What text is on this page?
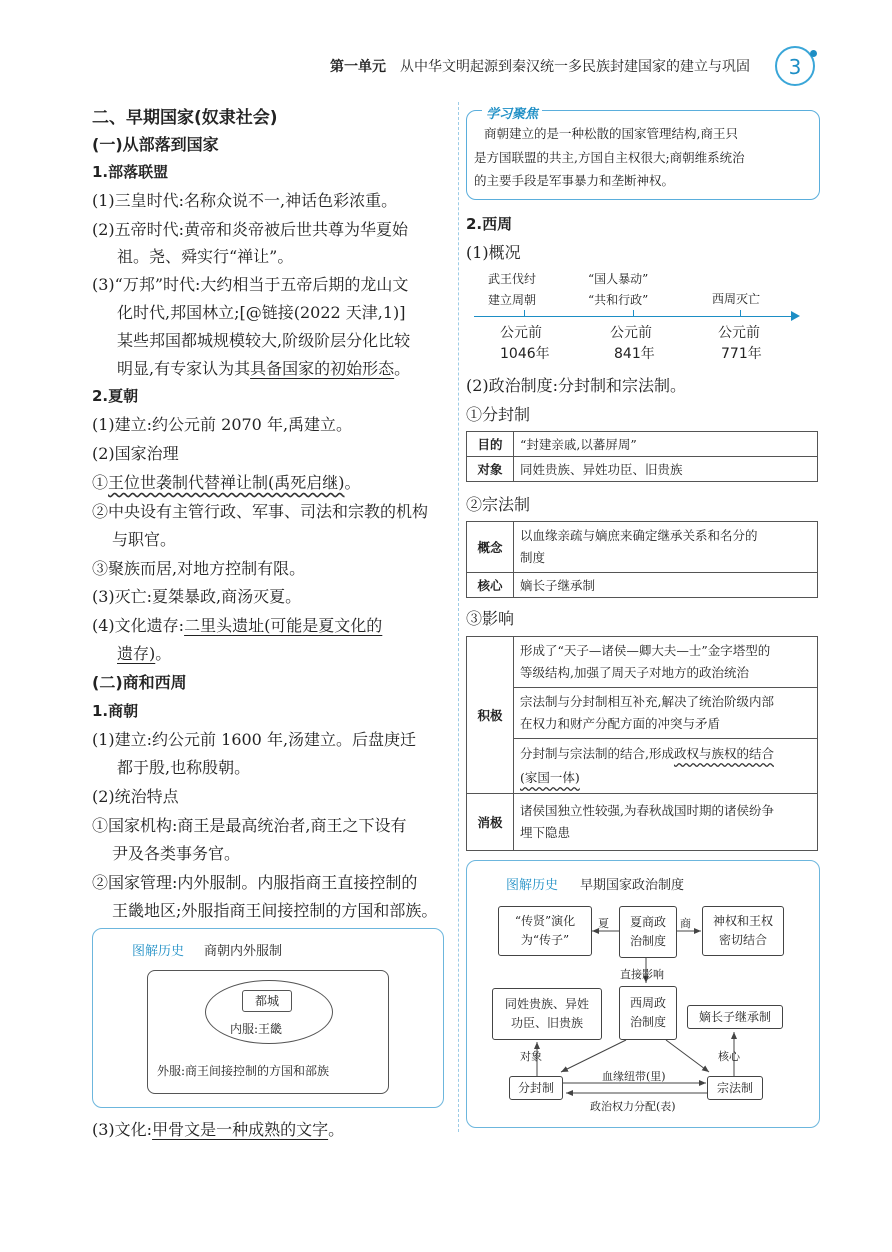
第一单元 从中华文明起源到秦汉统一多民族封建国家的建立与巩固	3
二、早期国家(奴隶社会)
(一)从部落到国家
1.部落联盟
(1)三皇时代:名称众说不一,神话色彩浓重。
(2)五帝时代:黄帝和炎帝被后世共尊为华夏始
祖。尧、舜实行“禅让”。
(3)“万邦”时代:大约相当于五帝后期的龙山文
化时代,邦国林立;[@链接(2022 天津,1)]
某些邦国都城规模较大,阶级阶层分化比较
明显,有专家认为其具备国家的初始形态。
2.夏朝
(1)建立:约公元前 2070 年,禹建立。
(2)国家治理
①王位世袭制代替禅让制(禹死启继)。
②中央设有主管行政、军事、司法和宗教的机构
与职官。
③聚族而居,对地方控制有限。
(3)灭亡:夏桀暴政,商汤灭夏。
(4)文化遗存:二里头遗址(可能是夏文化的
遗存)。
(二)商和西周
1.商朝
(1)建立:约公元前 1600 年,汤建立。后盘庚迁
都于殷,也称殷朝。
(2)统治特点
①国家机构:商王是最高统治者,商王之下设有
尹及各类事务官。
②国家管理:内外服制。内服指商王直接控制的
王畿地区;外服指商王间接控制的方国和部族。
图解历史 商朝内外服制
都城
内服:王畿
外服:商王间接控制的方国和部族
(3)文化:甲骨文是一种成熟的文字。
学习聚焦
商朝建立的是一种松散的国家管理结构,商王只
是方国联盟的共主,方国自主权很大;商朝维系统治
的主要手段是军事暴力和垄断神权。
2.西周
(1)概况
武王伐纣
建立周朝
“国人暴动”
“共和行政”	西周灭亡
公元前
1046年
公元前
841年
公元前
771年
(2)政治制度:分封制和宗法制。
①分封制
目的	“封建亲戚,以蕃屏周”
对象	同姓贵族、异姓功臣、旧贵族
②宗法制
概念	以血缘亲疏与嫡庶来确定继承关系和名分的
制度

核心	嫡长子继承制
③影响
积极	形成了“天子—诸侯—卿大夫—士”金字塔型的
等级结构,加强了周天子对地方的政治统治

	宗法制与分封制相互补充,解决了统治阶级内部
在权力和财产分配方面的冲突与矛盾

	分封制与宗法制的结合,形成政权与族权的结合
(家国一体)

消极	诸侯国独立性较强,为春秋战国时期的诸侯纷争
埋下隐患
图解历史 早期国家政治制度
“传贤”演化
为“传子”
夏商政
治制度
神权和王权
密切结合
夏	商
直接影响
同姓贵族、异姓
功臣、旧贵族
西周政
治制度	嫡长子继承制
对象	核心
分封制	宗法制
血缘纽带(里)
政治权力分配(表)
